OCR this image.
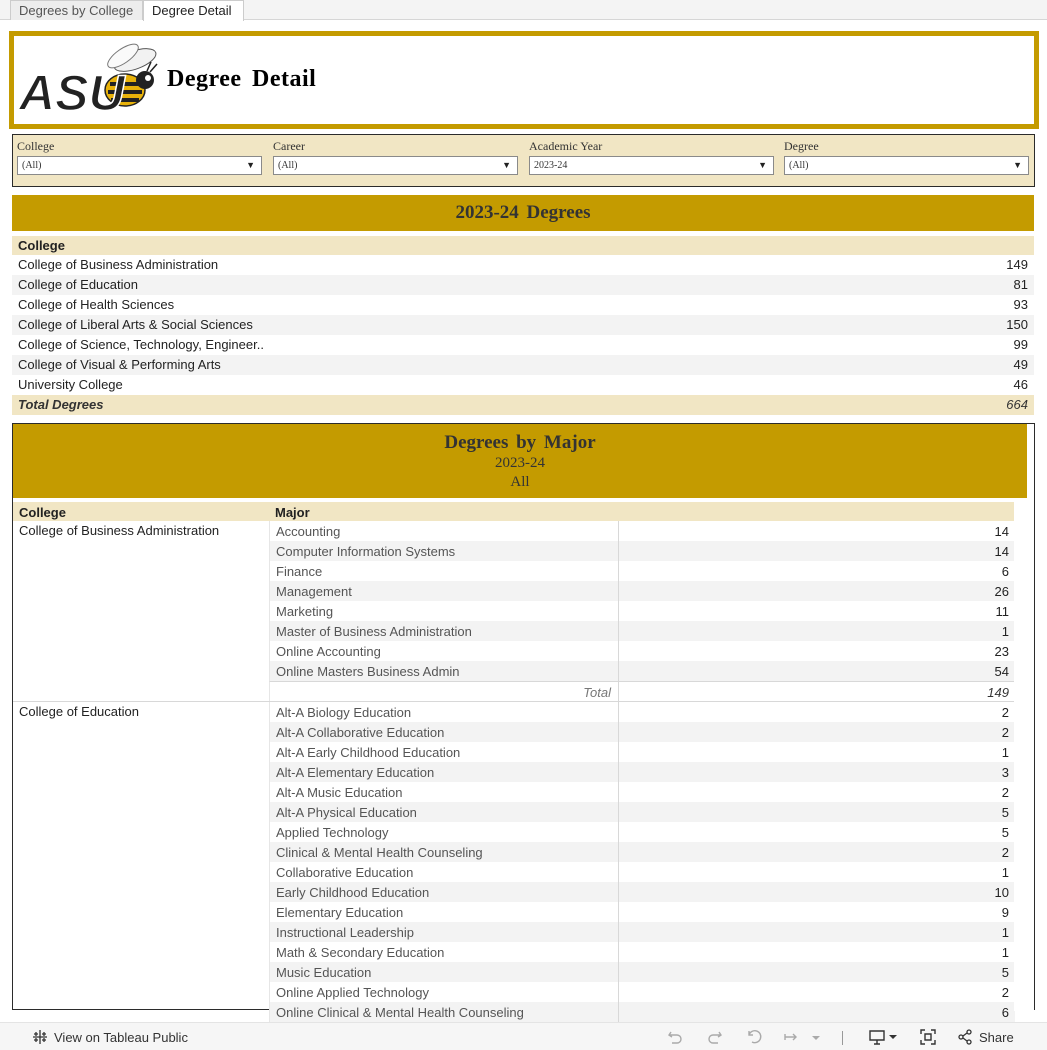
Degrees by College	Degree Detail
ASU Degree Detail
College
(All)	▼
Career
(All)	▼
Academic Year
2023-24	▼
Degree
(All)	▼
2023-24 Degrees
College
College of Business Administration	149
College of Education	81
College of Health Sciences	93
College of Liberal Arts & Social Sciences	150
College of Science, Technology, Engineer..	99
College of Visual & Performing Arts	49
University College	46
Total Degrees	664
Degrees by Major
2023-24
All
College	Major
College of Business Administration	Accounting	14
Computer Information Systems	14
Finance	6
Management	26
Marketing	11
Master of Business Administration	1
Online Accounting	23
Online Masters Business Admin	54
Total	149
College of Education	Alt-A Biology Education	2
Alt-A Collaborative Education	2
Alt-A Early Childhood Education	1
Alt-A Elementary Education	3
Alt-A Music Education	2
Alt-A Physical Education	5
Applied Technology	5
Clinical & Mental Health Counseling	2
Collaborative Education	1
Early Childhood Education	10
Elementary Education	9
Instructional Leadership	1
Math & Secondary Education	1
Music Education	5
Online Applied Technology	2
Online Clinical & Mental Health Counseling	6
View on Tableau Public	Share
